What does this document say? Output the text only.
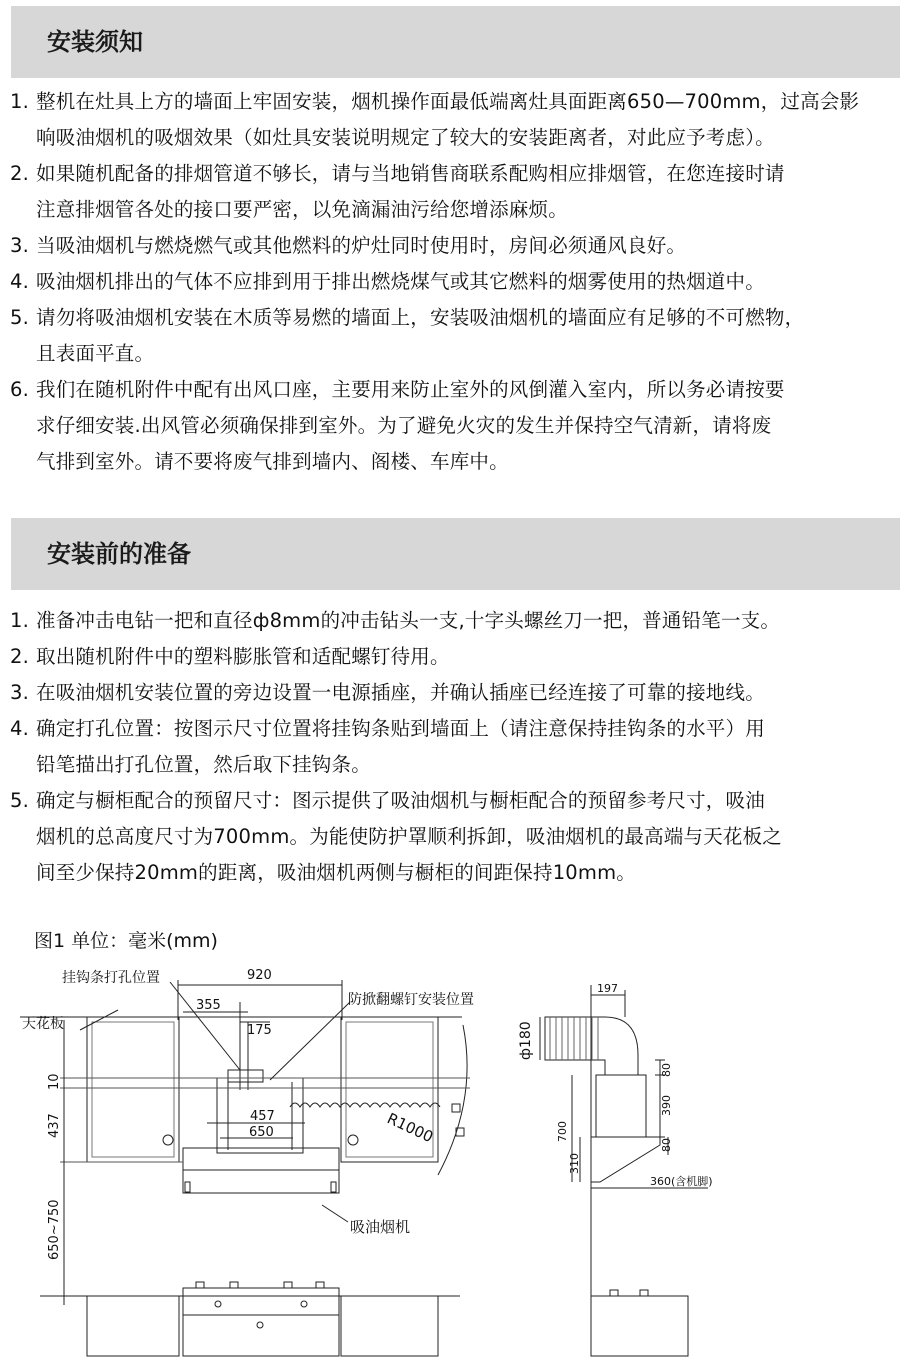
安装须知
1. 整机在灶具上方的墙面上牢固安装，烟机操作面最低端离灶具面距离650—700mm，过高会影
响吸油烟机的吸烟效果（如灶具安装说明规定了较大的安装距离者，对此应予考虑）。
2. 如果随机配备的排烟管道不够长，请与当地销售商联系配购相应排烟管，在您连接时请
注意排烟管各处的接口要严密，以免滴漏油污给您增添麻烦。
3. 当吸油烟机与燃烧燃气或其他燃料的炉灶同时使用时，房间必须通风良好。
4. 吸油烟机排出的气体不应排到用于排出燃烧煤气或其它燃料的烟雾使用的热烟道中。
5. 请勿将吸油烟机安装在木质等易燃的墙面上，安装吸油烟机的墙面应有足够的不可燃物，
且表面平直。
6. 我们在随机附件中配有出风口座，主要用来防止室外的风倒灌入室内，所以务必请按要
求仔细安装.出风管必须确保排到室外。为了避免火灾的发生并保持空气清新，请将废
气排到室外。请不要将废气排到墙内、阁楼、车库中。
安装前的准备
1. 准备冲击电钻一把和直径ф8mm的冲击钻头一支,十字头螺丝刀一把，普通铅笔一支。
2. 取出随机附件中的塑料膨胀管和适配螺钉待用。
3. 在吸油烟机安装位置的旁边设置一电源插座，并确认插座已经连接了可靠的接地线。
4. 确定打孔位置：按图示尺寸位置将挂钩条贴到墙面上（请注意保持挂钩条的水平）用
铅笔描出打孔位置，然后取下挂钩条。
5. 确定与橱柜配合的预留尺寸：图示提供了吸油烟机与橱柜配合的预留参考尺寸，吸油
烟机的总高度尺寸为700mm。为能使防护罩顺利拆卸，吸油烟机的最高端与天花板之
间至少保持20mm的距离，吸油烟机两侧与橱柜的间距保持10mm。
图1 单位：毫米(mm)
挂钩条打孔位置
天花板
防掀翻螺钉安装位置
吸油烟机
920
355
175
457
650	R1000
10
437
650~750
197
ф180
80
390
700
80
310
360(含机脚)
